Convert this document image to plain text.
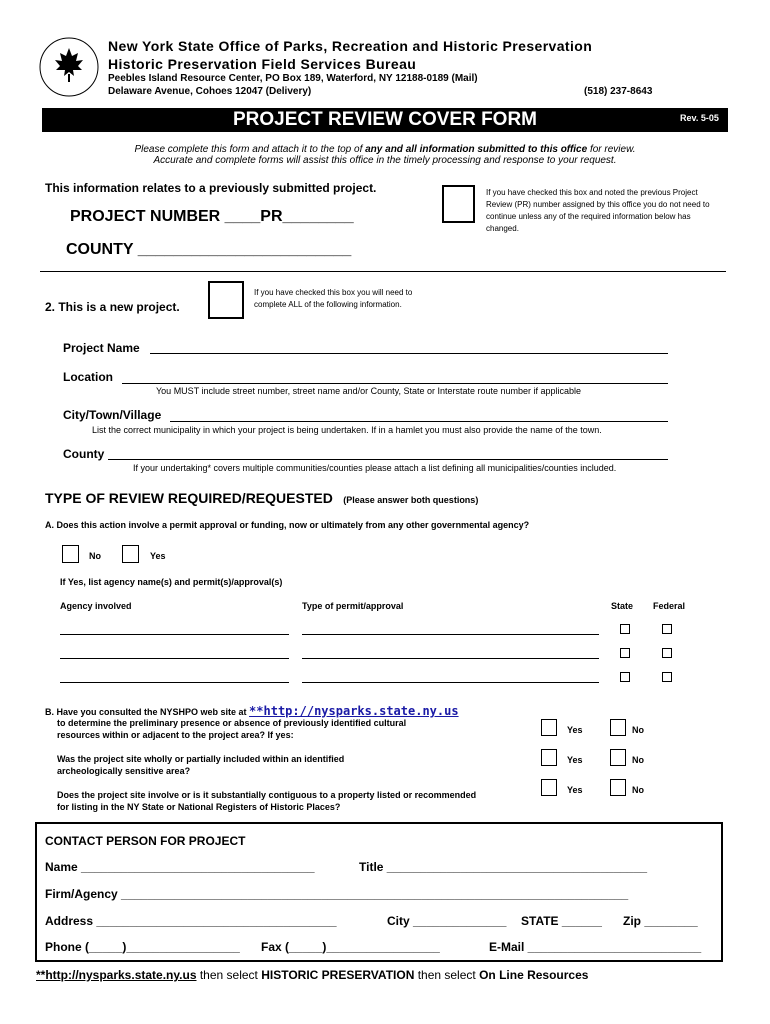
New York State Office of Parks, Recreation and Historic Preservation
Historic Preservation Field Services Bureau
Peebles Island Resource Center, PO Box 189, Waterford, NY 12188-0189 (Mail)
Delaware Avenue, Cohoes 12047 (Delivery)	(518) 237-8643
PROJECT REVIEW COVER FORM	Rev. 5-05
Please complete this form and attach it to the top of any and all information submitted to this office for review.
Accurate and complete forms will assist this office in the timely processing and response to your request.
This information relates to a previously submitted project.	If you have checked this box and noted the previous Project Review (PR) number assigned by this office you do not need to continue unless any of the required information below has changed.
PROJECT NUMBER ____PR________
COUNTY ________________________
2. This is a new project.
If you have checked this box you will need to complete ALL of the following information.
Project Name
Location
You MUST include street number, street name and/or County, State or Interstate route number if applicable
City/Town/Village
List the correct municipality in which your project is being undertaken. If in a hamlet you must also provide the name of the town.
County
If your undertaking* covers multiple communities/counties please attach a list defining all municipalities/counties included.
TYPE OF REVIEW REQUIRED/REQUESTED (Please answer both questions)
A. Does this action involve a permit approval or funding, now or ultimately from any other governmental agency?
No	Yes
If Yes, list agency name(s) and permit(s)/approval(s)
Agency involved	Type of permit/approval	State Federal
B. Have you consulted the NYSHPO web site at **http://nysparks.state.ny.us
to determine the preliminary presence or absence of previously identified cultural
resources within or adjacent to the project area? If yes:	Yes	No
Was the project site wholly or partially included within an identified
archeologically sensitive area?
Yes	No
Does the project site involve or is it substantially contiguous to a property listed or recommended
for listing in the NY State or National Registers of Historic Places?
Yes	No
CONTACT PERSON FOR PROJECT
Name ___________________________________	Title _______________________________________
Firm/Agency ____________________________________________________________________________
Address ____________________________________	City ______________ STATE ______ Zip ________
Phone (_____)_________________ Fax (_____)_________________	E-Mail __________________________
**http://nysparks.state.ny.us then select HISTORIC PRESERVATION then select On Line Resources
